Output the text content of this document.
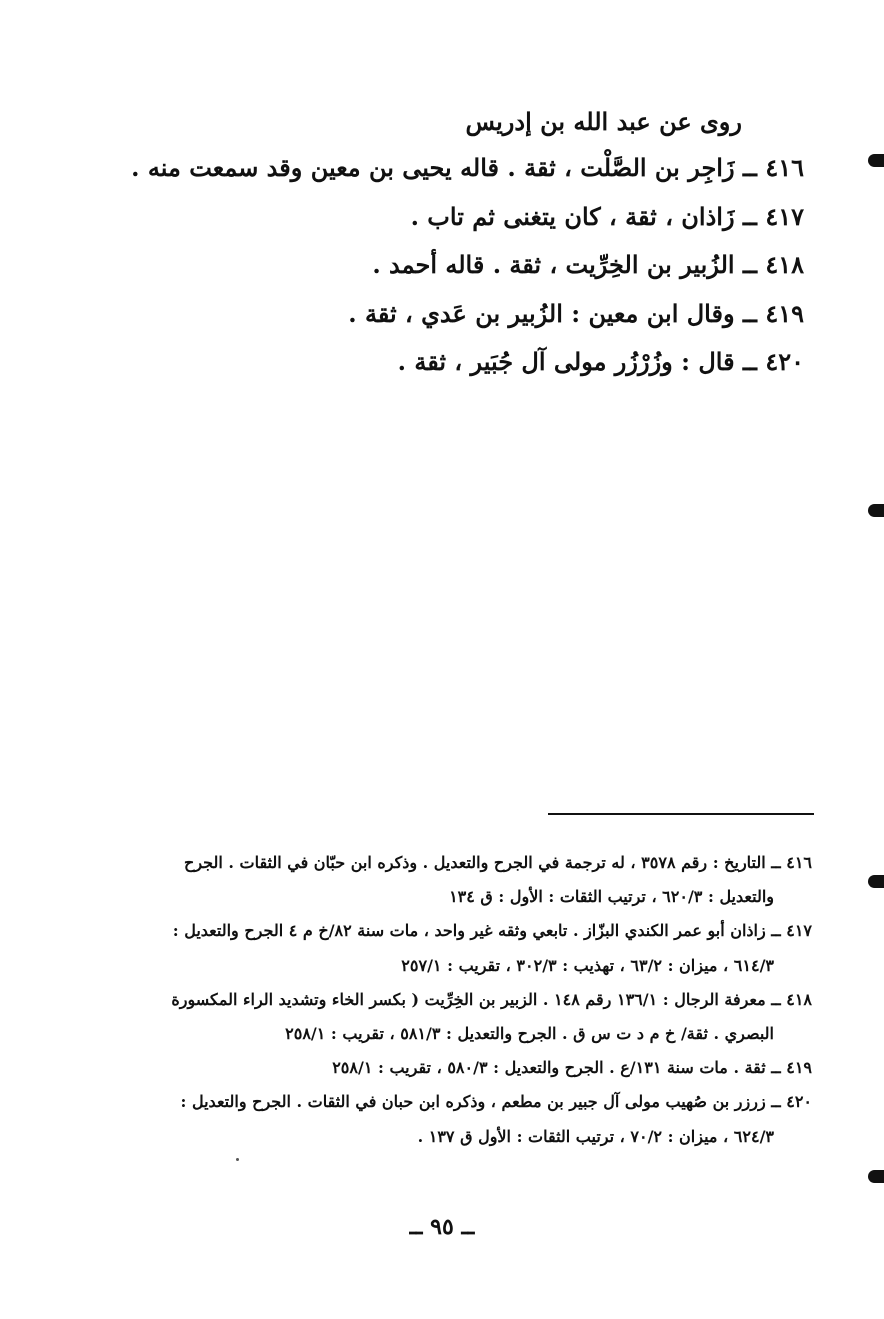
روى عن عبد الله بن إدريس
٤١٦ ــ زَاجِر بن الصَّلْت ، ثقة . قاله يحيى بن معين وقد سمعت منه .
٤١٧ ــ زَاذان ، ثقة ، كان يتغنى ثم تاب .
٤١٨ ــ الزُبير بن الخِرِّيت ، ثقة . قاله أحمد .
٤١٩ ــ وقال ابن معين : الزُبير بن عَدي ، ثقة .
٤٢٠ ــ قال : وزُرْزُر مولى آل جُبَير ، ثقة .
٤١٦ ــ التاريخ : رقم ٣٥٧٨ ، له ترجمة في الجرح والتعديل . وذكره ابن حبّان في الثقات . الجرح
والتعديل : ٦٢٠/٣ ، ترتيب الثقات : الأول : ق ١٣٤
٤١٧ ــ زاذان أبو عمر الكندي البزّاز . تابعي وثقه غير واحد ، مات سنة ٨٢/خ م ٤ الجرح والتعديل :
٦١٤/٣ ، ميزان : ٦٣/٢ ، تهذيب : ٣٠٢/٣ ، تقريب : ٢٥٧/١
٤١٨ ــ معرفة الرجال : ١٣٦/١ رقم ١٤٨ . الزبير بن الخِرِّيت ( بكسر الخاء وتشديد الراء المكسورة
البصري . ثقة/ خ م د ت س ق . الجرح والتعديل : ٥٨١/٣ ، تقريب : ٢٥٨/١
٤١٩ ــ ثقة . مات سنة ١٣١/ع . الجرح والتعديل : ٥٨٠/٣ ، تقريب : ٢٥٨/١
٤٢٠ ــ زرزر بن صُهيب مولى آل جبير بن مطعم ، وذكره ابن حبان في الثقات . الجرح والتعديل :
٦٢٤/٣ ، ميزان : ٧٠/٢ ، ترتيب الثقات : الأول ق ١٣٧ .
ــ ٩٥ ــ
